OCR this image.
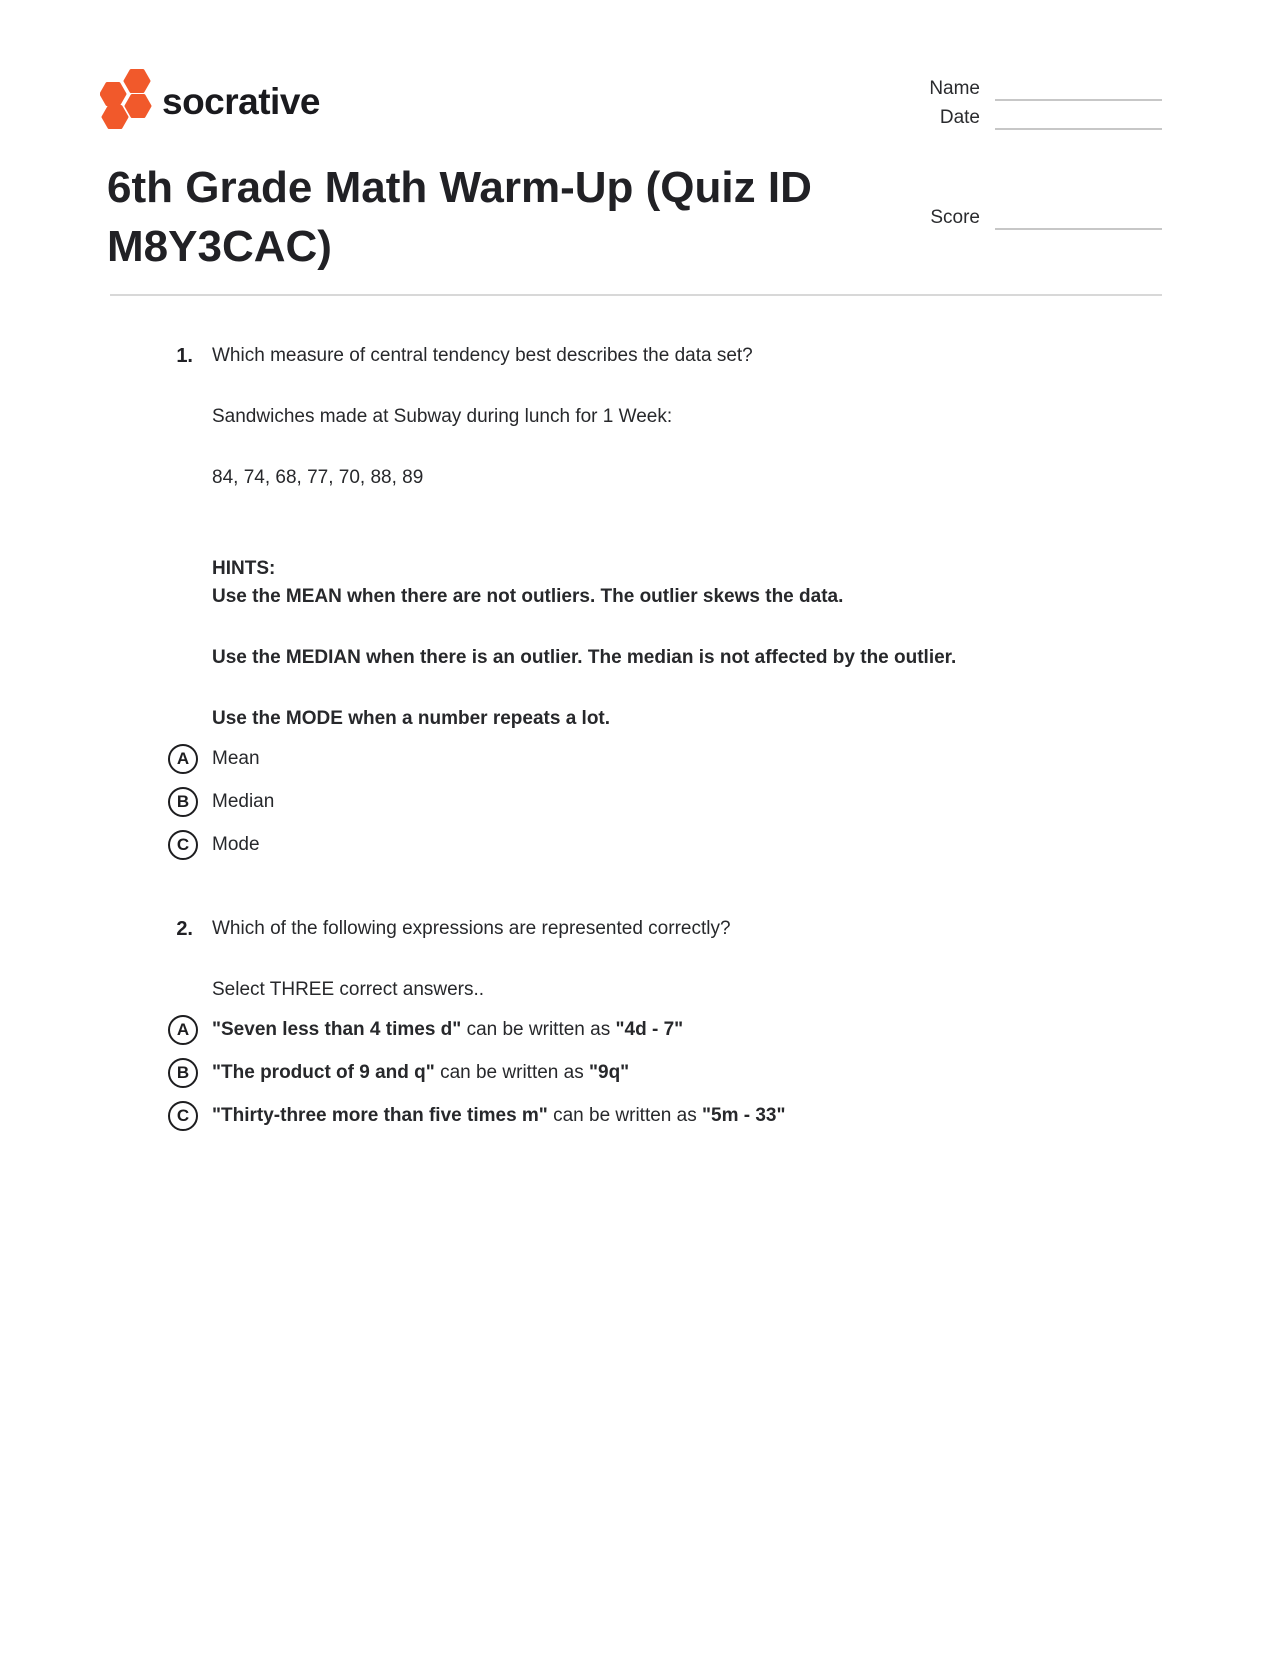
socrative	Name
Date
Score
6th Grade Math Warm-Up (Quiz ID M8Y3CAC)
1. Which measure of central tendency best describes the data set?
Sandwiches made at Subway during lunch for 1 Week:
84, 74, 68, 77, 70, 88, 89
HINTS:
Use the MEAN when there are not outliers. The outlier skews the data.
Use the MEDIAN when there is an outlier. The median is not affected by the outlier.
Use the MODE when a number repeats a lot.
A	Mean
B	Median
C	Mode
2. Which of the following expressions are represented correctly?
Select THREE correct answers..
A	"Seven less than 4 times d" can be written as "4d - 7"
B	"The product of 9 and q" can be written as "9q"
C	"Thirty-three more than five times m" can be written as "5m - 33"
